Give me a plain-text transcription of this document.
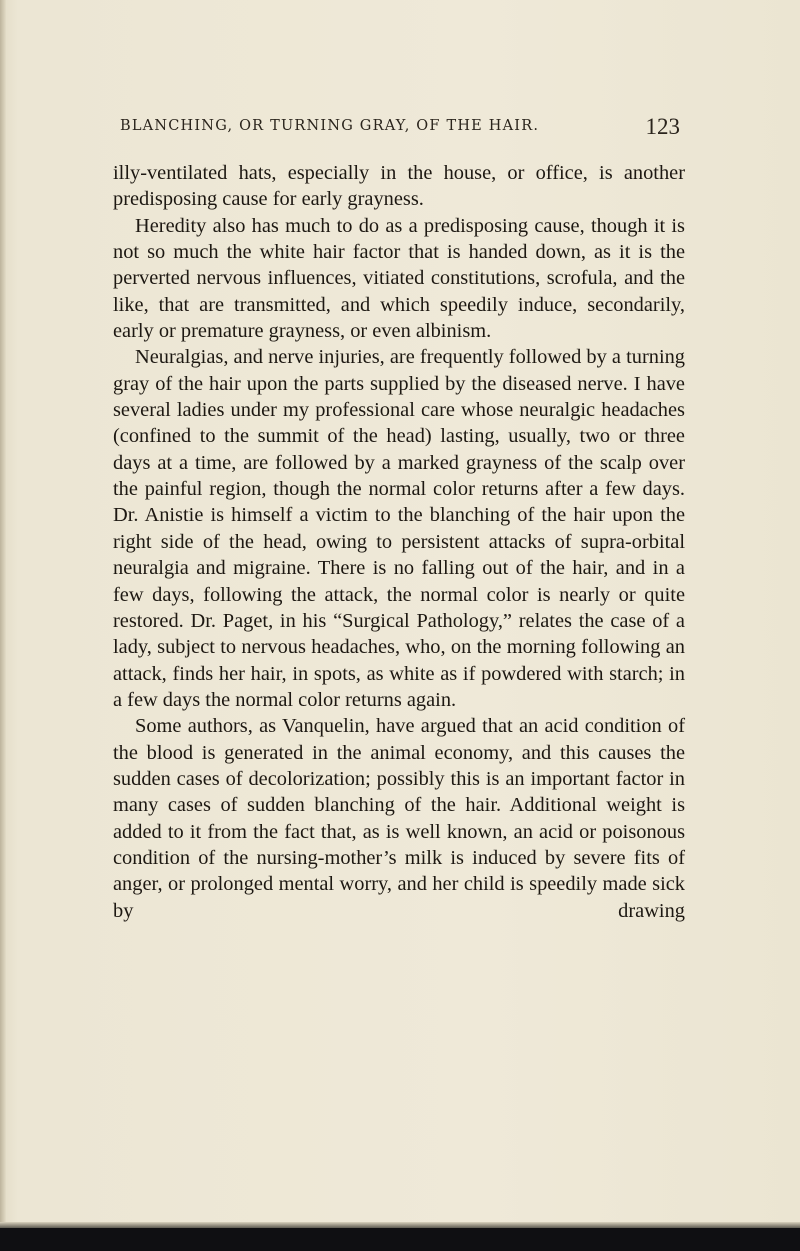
BLANCHING, OR TURNING GRAY, OF THE HAIR.	123

illy-ventilated hats, especially in the house, or office, is another predisposing cause for early grayness.

Heredity also has much to do as a predisposing cause, though it is not so much the white hair factor that is handed down, as it is the perverted nervous influences, vitiated constitutions, scrofula, and the like, that are transmitted, and which speedily induce, secondarily, early or premature grayness, or even albinism.

Neuralgias, and nerve injuries, are frequently followed by a turning gray of the hair upon the parts supplied by the diseased nerve. I have several ladies under my professional care whose neuralgic headaches (confined to the summit of the head) lasting, usually, two or three days at a time, are followed by a marked grayness of the scalp over the painful region, though the normal color returns after a few days. Dr. Anistie is himself a victim to the blanching of the hair upon the right side of the head, owing to persistent attacks of supra-orbital neuralgia and migraine. There is no falling out of the hair, and in a few days, following the attack, the normal color is nearly or quite restored. Dr. Paget, in his “Surgical Pathology,” relates the case of a lady, subject to nervous headaches, who, on the morning following an attack, finds her hair, in spots, as white as if powdered with starch; in a few days the normal color returns again.

Some authors, as Vanquelin, have argued that an acid condition of the blood is generated in the animal economy, and this causes the sudden cases of decolorization; possibly this is an important factor in many cases of sudden blanching of the hair. Additional weight is added to it from the fact that, as is well known, an acid or poisonous condition of the nursing-mother’s milk is induced by severe fits of anger, or prolonged mental worry, and her child is speedily made sick by drawing
